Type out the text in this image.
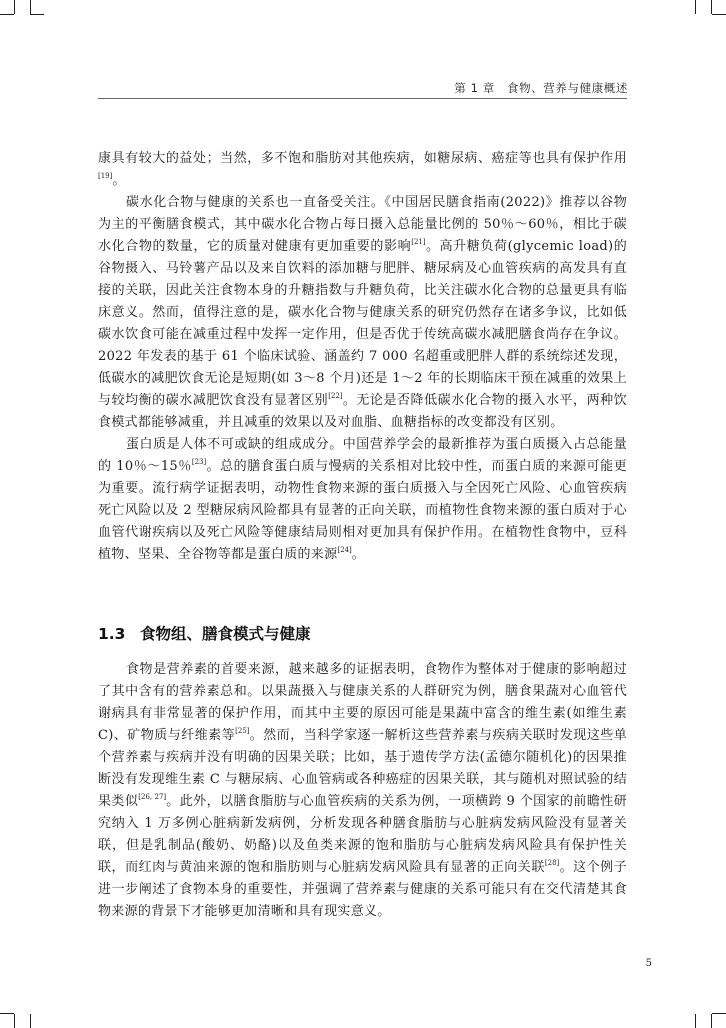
第 1 章　食物、营养与健康概述

康具有较大的益处；当然，多不饱和脂肪对其他疾病，如糖尿病、癌症等也具有保护作用[19]。

碳水化合物与健康的关系也一直备受关注。《中国居民膳食指南(2022)》推荐以谷物为主的平衡膳食模式，其中碳水化合物占每日摄入总能量比例的 50％～60％，相比于碳水化合物的数量，它的质量对健康有更加重要的影响[21]。高升糖负荷(glycemic load)的谷物摄入、马铃薯产品以及来自饮料的添加糖与肥胖、糖尿病及心血管疾病的高发具有直接的关联，因此关注食物本身的升糖指数与升糖负荷，比关注碳水化合物的总量更具有临床意义。然而，值得注意的是，碳水化合物与健康关系的研究仍然存在诸多争议，比如低碳水饮食可能在减重过程中发挥一定作用，但是否优于传统高碳水减肥膳食尚存在争议。2022 年发表的基于 61 个临床试验、涵盖约 7 000 名超重或肥胖人群的系统综述发现，低碳水的减肥饮食无论是短期(如 3～8 个月)还是 1～2 年的长期临床干预在减重的效果上与较均衡的碳水减肥饮食没有显著区别[22]。无论是否降低碳水化合物的摄入水平，两种饮食模式都能够减重，并且减重的效果以及对血脂、血糖指标的改变都没有区别。

蛋白质是人体不可或缺的组成成分。中国营养学会的最新推荐为蛋白质摄入占总能量的 10％～15％[23]。总的膳食蛋白质与慢病的关系相对比较中性，而蛋白质的来源可能更为重要。流行病学证据表明，动物性食物来源的蛋白质摄入与全因死亡风险、心血管疾病死亡风险以及 2 型糖尿病风险都具有显著的正向关联，而植物性食物来源的蛋白质对于心血管代谢疾病以及死亡风险等健康结局则相对更加具有保护作用。在植物性食物中，豆科植物、坚果、全谷物等都是蛋白质的来源[24]。

1.3 食物组、膳食模式与健康

食物是营养素的首要来源，越来越多的证据表明，食物作为整体对于健康的影响超过了其中含有的营养素总和。以果蔬摄入与健康关系的人群研究为例，膳食果蔬对心血管代谢病具有非常显著的保护作用，而其中主要的原因可能是果蔬中富含的维生素(如维生素 C)、矿物质与纤维素等[25]。然而，当科学家逐一解析这些营养素与疾病关联时发现这些单个营养素与疾病并没有明确的因果关联；比如，基于遗传学方法(孟德尔随机化)的因果推断没有发现维生素 C 与糖尿病、心血管病或各种癌症的因果关联，其与随机对照试验的结果类似[26, 27]。此外，以膳食脂肪与心血管疾病的关系为例，一项横跨 9 个国家的前瞻性研究纳入 1 万多例心脏病新发病例，分析发现各种膳食脂肪与心脏病发病风险没有显著关联，但是乳制品(酸奶、奶酪)以及鱼类来源的饱和脂肪与心脏病发病风险具有保护性关联，而红肉与黄油来源的饱和脂肪则与心脏病发病风险具有显著的正向关联[28]。这个例子进一步阐述了食物本身的重要性，并强调了营养素与健康的关系可能只有在交代清楚其食物来源的背景下才能够更加清晰和具有现实意义。

5
